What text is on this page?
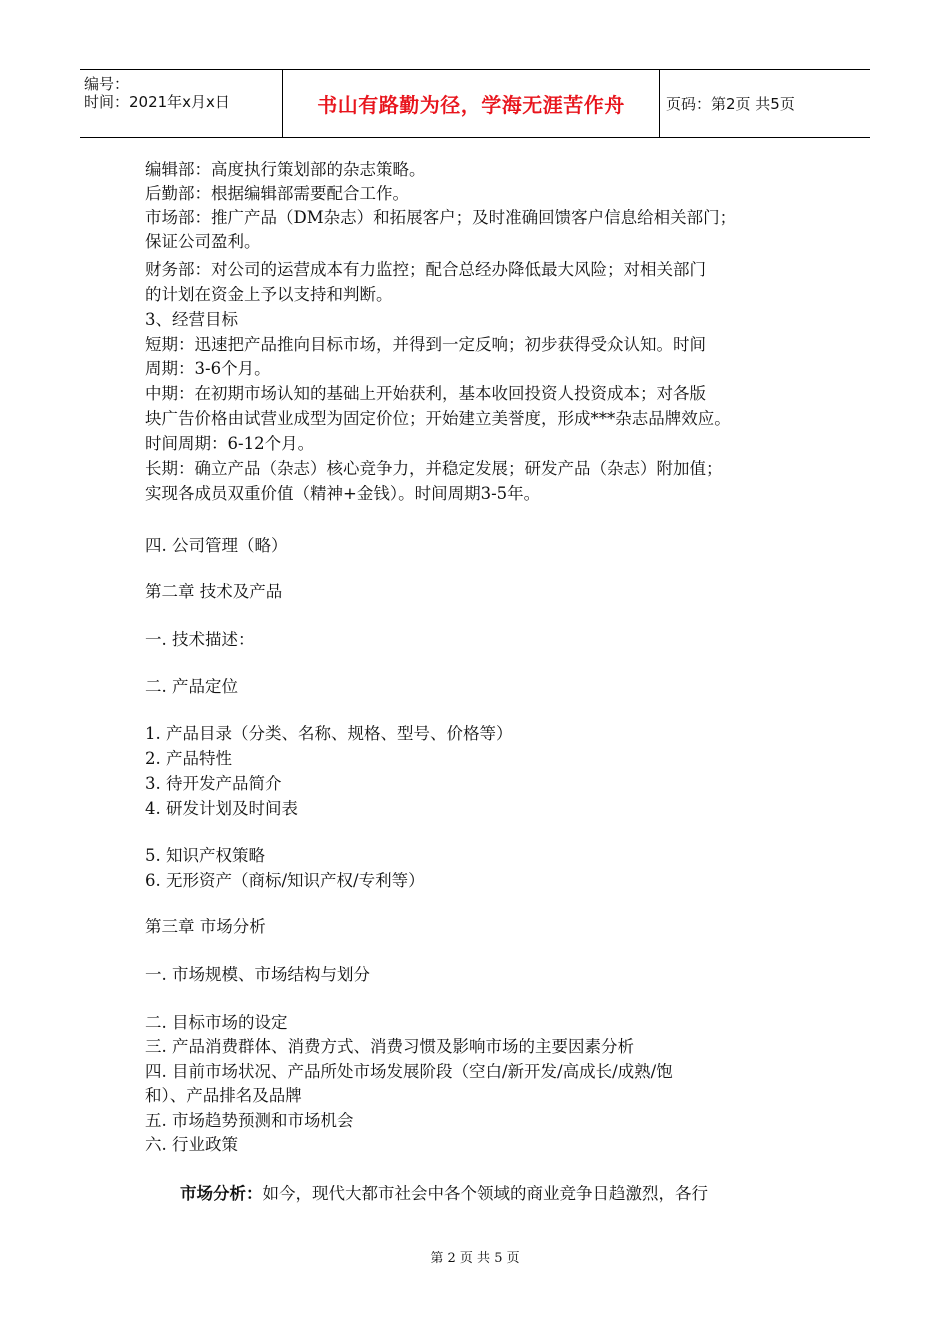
编号：
时间：2021年x月x日	书山有路勤为径，学海无涯苦作舟	页码：第2页 共5页
编辑部：高度执行策划部的杂志策略。
后勤部：根据编辑部需要配合工作。
市场部：推广产品（DM杂志）和拓展客户；及时准确回馈客户信息给相关部门；
保证公司盈利。
财务部：对公司的运营成本有力监控；配合总经办降低最大风险；对相关部门
的计划在资金上予以支持和判断。
3、经营目标
短期：迅速把产品推向目标市场，并得到一定反响；初步获得受众认知。时间
周期：3-6个月。
中期：在初期市场认知的基础上开始获利，基本收回投资人投资成本；对各版
块广告价格由试营业成型为固定价位；开始建立美誉度，形成***杂志品牌效应。
时间周期：6-12个月。
长期：确立产品（杂志）核心竞争力，并稳定发展；研发产品（杂志）附加值；
实现各成员双重价值（精神+金钱）。时间周期3-5年。
四. 公司管理（略）
第二章 技术及产品
一. 技术描述：
二. 产品定位
1. 产品目录（分类、名称、规格、型号、价格等）
2. 产品特性
3. 待开发产品简介
4. 研发计划及时间表
5. 知识产权策略
6. 无形资产（商标/知识产权/专利等）
第三章 市场分析
一. 市场规模、市场结构与划分
二. 目标市场的设定
三. 产品消费群体、消费方式、消费习惯及影响市场的主要因素分析
四. 目前市场状况、产品所处市场发展阶段（空白/新开发/高成长/成熟/饱
和）、产品排名及品牌
五. 市场趋势预测和市场机会
六. 行业政策
市场分析：如今，现代大都市社会中各个领域的商业竞争日趋激烈，各行
第 2 页 共 5 页
